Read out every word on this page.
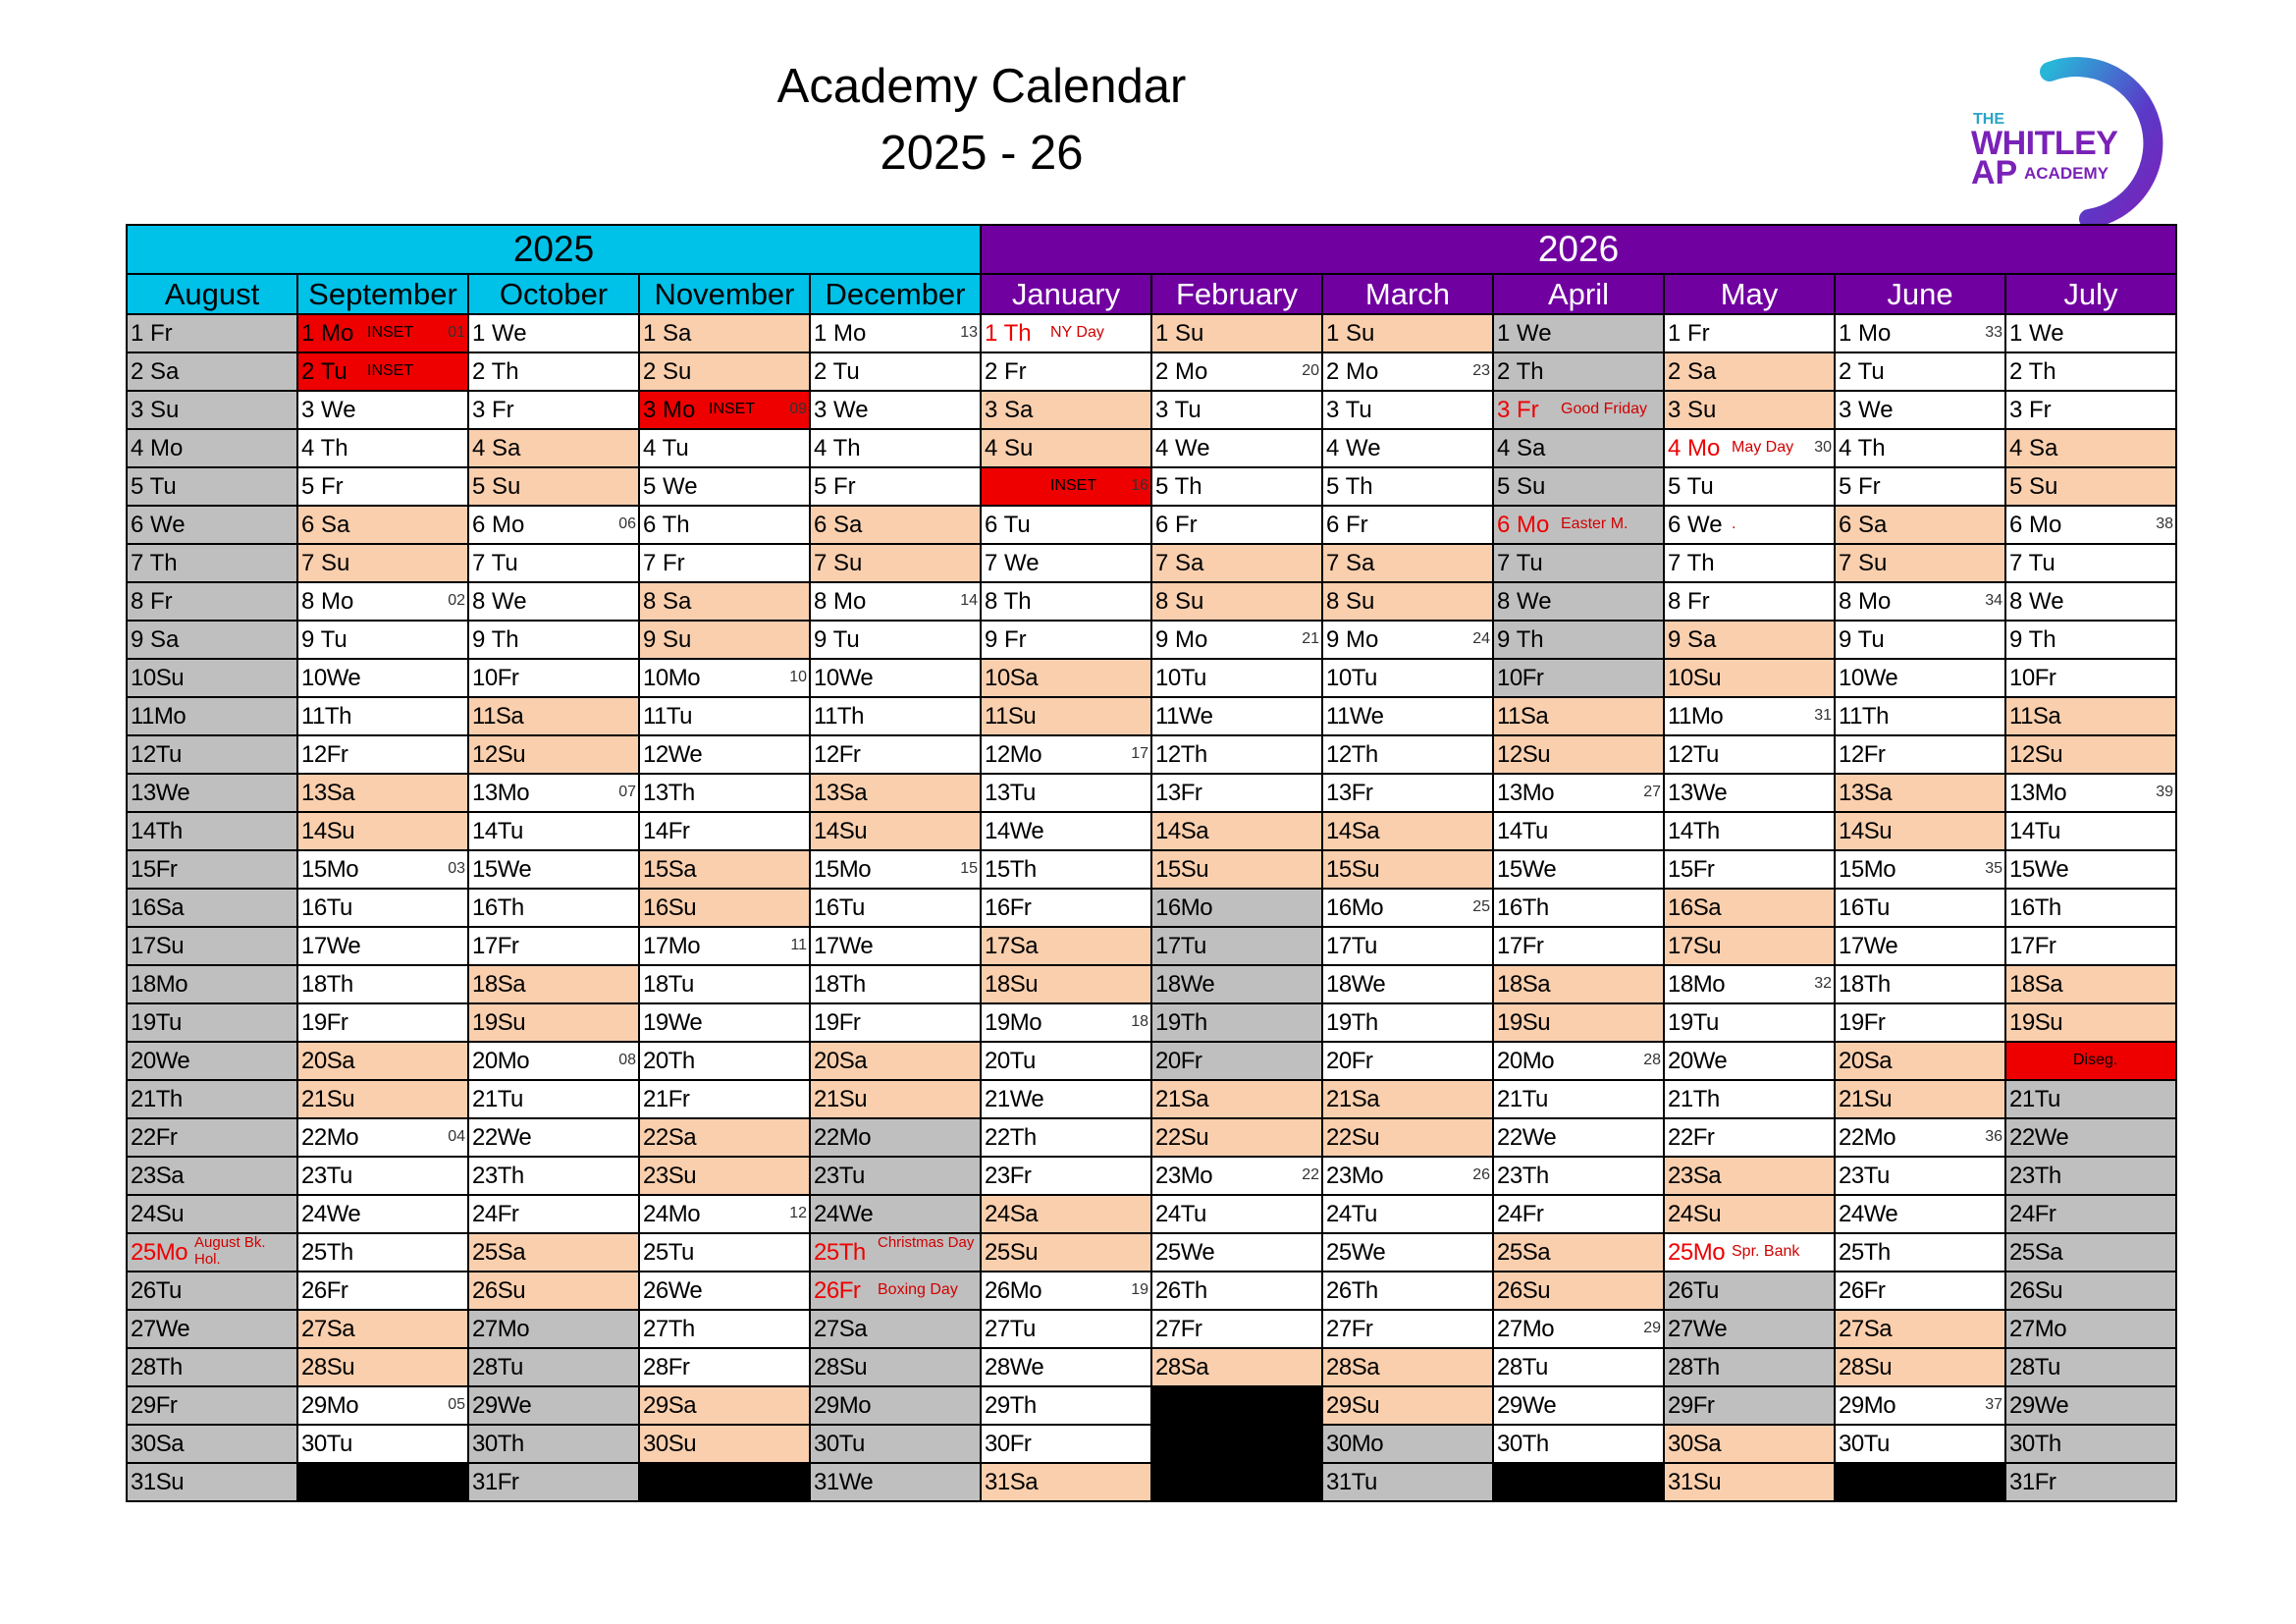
Academy Calendar
2025 - 26
THE
WHITLEY
AP ACADEMY
2025					2026						
August	September	October	November	December	January	February	March	April	May	June	July

1 Fr	1 Mo INSET 01	1 We	1 Sa	1 Mo 13	1 Th NY Day	1 Su	1 Su	1 We	1 Fr	1 Mo 33	1 We

2 Sa	2 Tu INSET	2 Th	2 Su	2 Tu	2 Fr	2 Mo 20	2 Mo 23	2 Th	2 Sa	2 Tu	2 Th

3 Su	3 We	3 Fr	3 Mo INSET 09	3 We	3 Sa	3 Tu	3 Tu	3 Fr Good Friday	3 Su	3 We	3 Fr

4 Mo	4 Th	4 Sa	4 Tu	4 Th	4 Su	4 We	4 We	4 Sa	4 Mo May Day 30	4 Th	4 Sa

5 Tu	5 Fr	5 Su	5 We	5 Fr	5 Mo INSET 16	5 Th	5 Th	5 Su	5 Tu	5 Fr	5 Su

6 We	6 Sa	6 Mo 06	6 Th	6 Sa	6 Tu	6 Fr	6 Fr	6 Mo Easter M.	6 We .	6 Sa	6 Mo 38

7 Th	7 Su	7 Tu	7 Fr	7 Su	7 We	7 Sa	7 Sa	7 Tu	7 Th	7 Su	7 Tu

8 Fr	8 Mo 02	8 We	8 Sa	8 Mo 14	8 Th	8 Su	8 Su	8 We	8 Fr	8 Mo 34	8 We

9 Sa	9 Tu	9 Th	9 Su	9 Tu	9 Fr	9 Mo 21	9 Mo 24	9 Th	9 Sa	9 Tu	9 Th

10Su	10We	10Fr	10Mo 10	10We	10Sa	10Tu	10Tu	10Fr	10Su	10We	10Fr

11Mo	11Th	11Sa	11Tu	11Th	11Su	11We	11We	11Sa	11Mo 31	11Th	11Sa

12Tu	12Fr	12Su	12We	12Fr	12Mo 17	12Th	12Th	12Su	12Tu	12Fr	12Su

13We	13Sa	13Mo 07	13Th	13Sa	13Tu	13Fr	13Fr	13Mo 27	13We	13Sa	13Mo 39

14Th	14Su	14Tu	14Fr	14Su	14We	14Sa	14Sa	14Tu	14Th	14Su	14Tu

15Fr	15Mo 03	15We	15Sa	15Mo 15	15Th	15Su	15Su	15We	15Fr	15Mo 35	15We

16Sa	16Tu	16Th	16Su	16Tu	16Fr	16Mo	16Mo 25	16Th	16Sa	16Tu	16Th

17Su	17We	17Fr	17Mo 11	17We	17Sa	17Tu	17Tu	17Fr	17Su	17We	17Fr

18Mo	18Th	18Sa	18Tu	18Th	18Su	18We	18We	18Sa	18Mo 32	18Th	18Sa

19Tu	19Fr	19Su	19We	19Fr	19Mo 18	19Th	19Th	19Su	19Tu	19Fr	19Su

20We	20Sa	20Mo 08	20Th	20Sa	20Tu	20Fr	20Fr	20Mo 28	20We	20Sa	20Mo Diseg.

21Th	21Su	21Tu	21Fr	21Su	21We	21Sa	21Sa	21Tu	21Th	21Su	21Tu

22Fr	22Mo 04	22We	22Sa	22Mo	22Th	22Su	22Su	22We	22Fr	22Mo 36	22We

23Sa	23Tu	23Th	23Su	23Tu	23Fr	23Mo 22	23Mo 26	23Th	23Sa	23Tu	23Th

24Su	24We	24Fr	24Mo 12	24We	24Sa	24Tu	24Tu	24Fr	24Su	24We	24Fr

25Mo August Bk. Hol.	25Th	25Sa	25Tu	25Th Christmas Day	25Su	25We	25We	25Sa	25Mo Spr. Bank	25Th	25Sa

26Tu	26Fr	26Su	26We	26Fr Boxing Day	26Mo 19	26Th	26Th	26Su	26Tu	26Fr	26Su

27We	27Sa	27Mo	27Th	27Sa	27Tu	27Fr	27Fr	27Mo 29	27We	27Sa	27Mo

28Th	28Su	28Tu	28Fr	28Su	28We	28Sa	28Sa	28Tu	28Th	28Su	28Tu

29Fr	29Mo 05	29We	29Sa	29Mo	29Th		29Su	29We	29Fr	29Mo 37	29We

30Sa	30Tu	30Th	30Su	30Tu	30Fr		30Mo	30Th	30Sa	30Tu	30Th

31Su		31Fr		31We	31Sa		31Tu		31Su		31Fr
